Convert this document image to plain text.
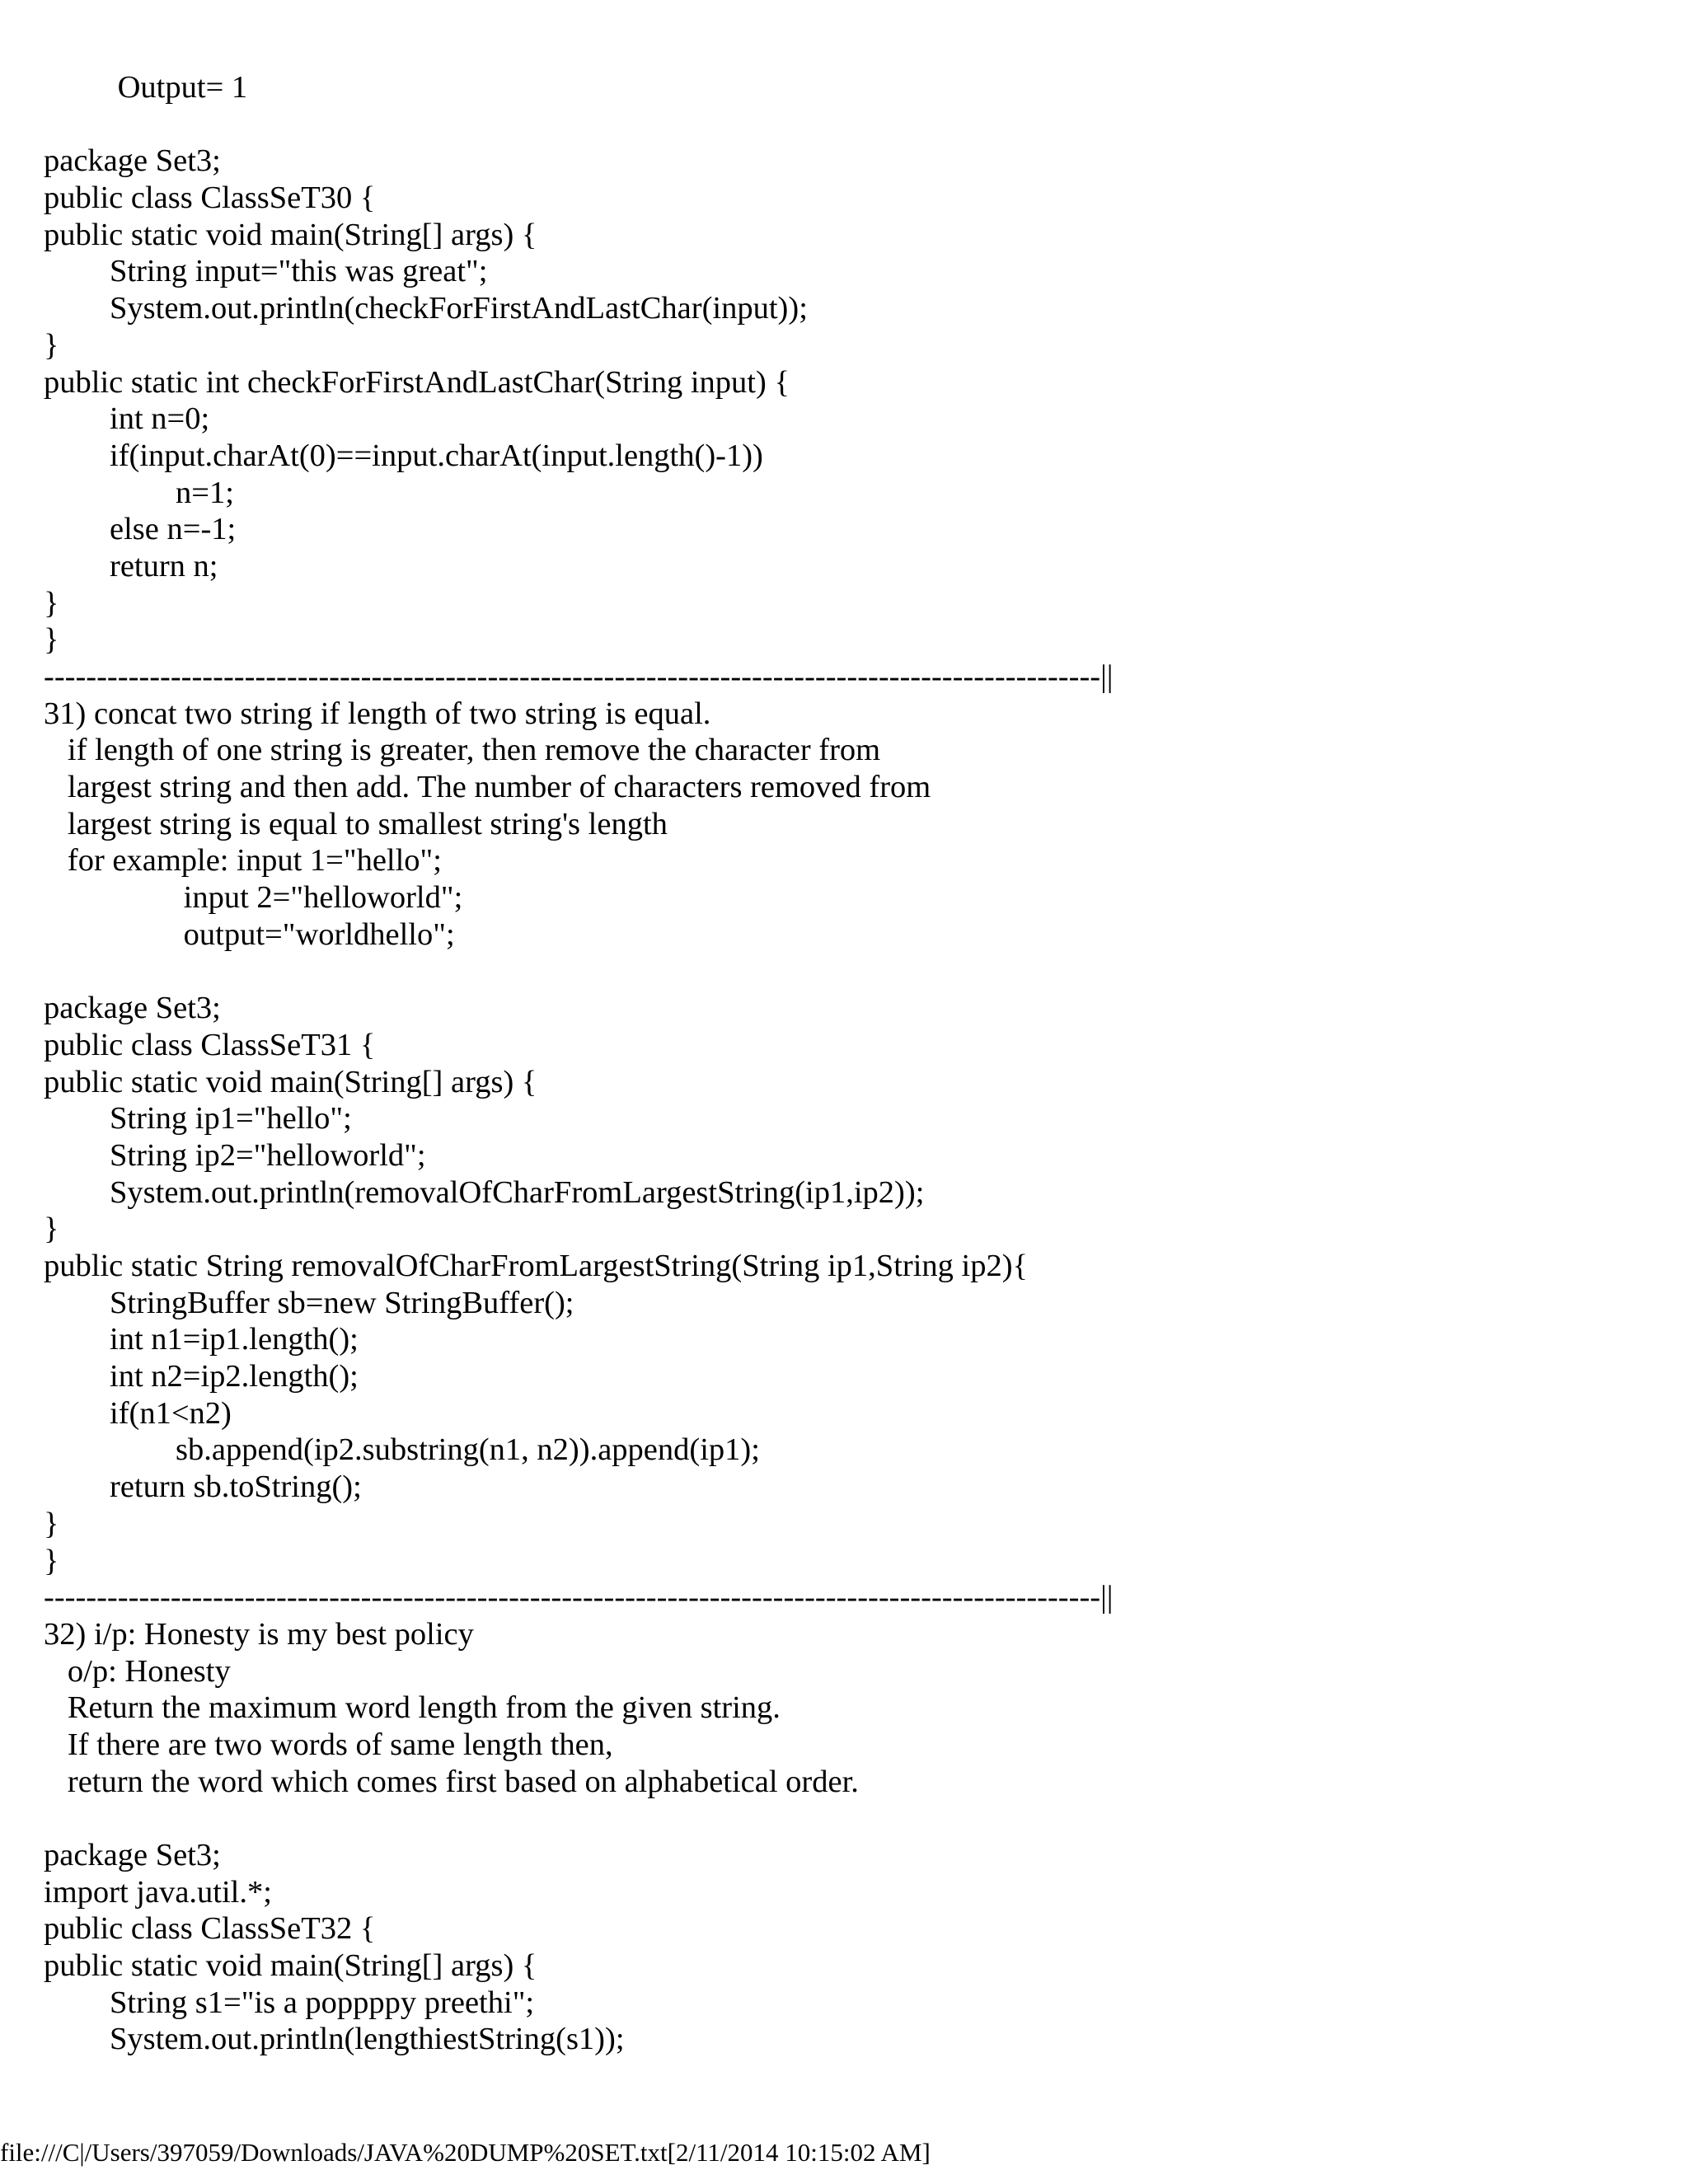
Output= 1
package Set3;
public class ClassSeT30 {
public static void main(String[] args) {
String input="this was great";
System.out.println(checkForFirstAndLastChar(input));
}
public static int checkForFirstAndLastChar(String input) {
int n=0;
if(input.charAt(0)==input.charAt(input.length()-1))
n=1;
else n=-1;
return n;
}
}
----------------------------------------------------------------------------------------------------||
31) concat two string if length of two string is equal.
if length of one string is greater, then remove the character from
largest string and then add. The number of characters removed from
largest string is equal to smallest string's length
for example: input 1="hello";
input 2="helloworld";
output="worldhello";
package Set3;
public class ClassSeT31 {
public static void main(String[] args) {
String ip1="hello";
String ip2="helloworld";
System.out.println(removalOfCharFromLargestString(ip1,ip2));
}
public static String removalOfCharFromLargestString(String ip1,String ip2){
StringBuffer sb=new StringBuffer();
int n1=ip1.length();
int n2=ip2.length();
if(n1<n2)
sb.append(ip2.substring(n1, n2)).append(ip1);
return sb.toString();
}
}
----------------------------------------------------------------------------------------------------||
32) i/p: Honesty is my best policy
o/p: Honesty
Return the maximum word length from the given string.
If there are two words of same length then,
return the word which comes first based on alphabetical order.
package Set3;
import java.util.*;
public class ClassSeT32 {
public static void main(String[] args) {
String s1="is a poppppy preethi";
System.out.println(lengthiestString(s1));
file:///C|/Users/397059/Downloads/JAVA%20DUMP%20SET.txt[2/11/2014 10:15:02 AM]
